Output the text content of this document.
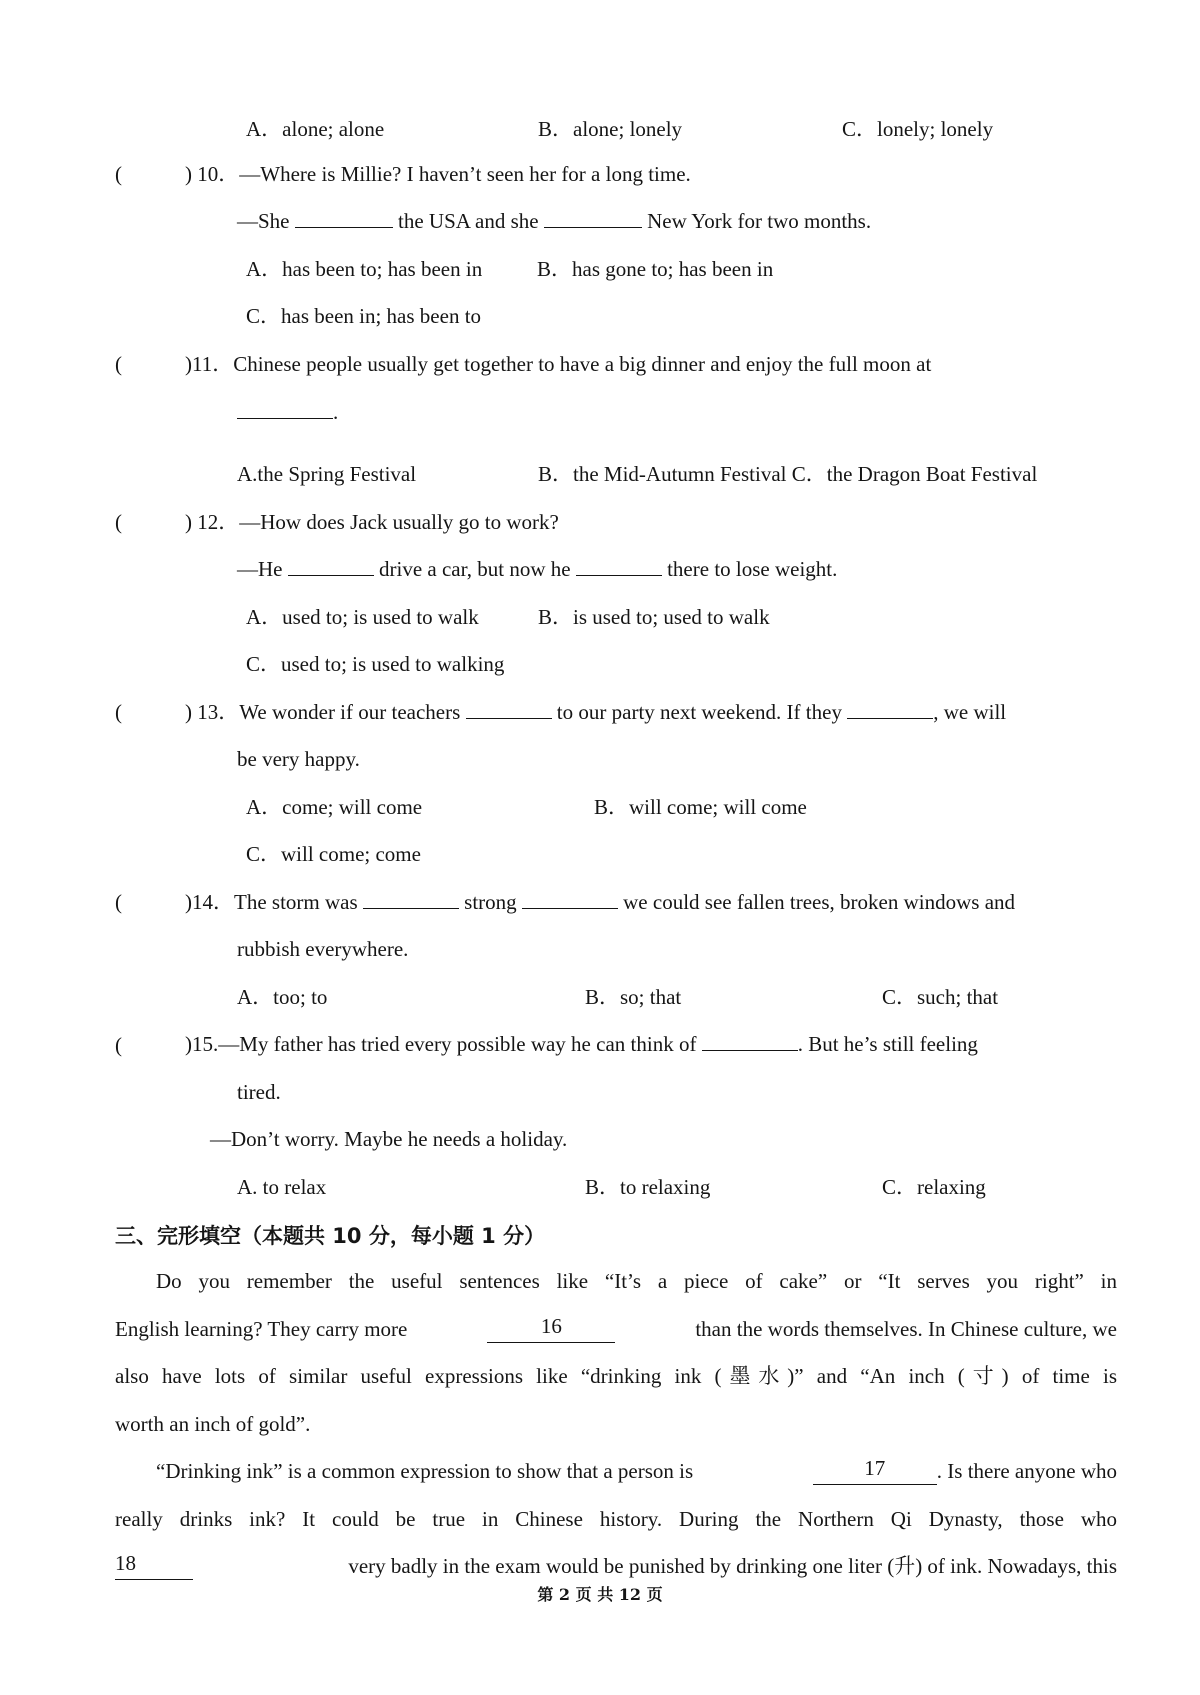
A．alone; alone	B．alone; lonely	C．lonely; lonely
(	) 10．—Where is Millie? I haven’t seen her for a long time.
—She	the USA and she	New York for two months.
A．has been to; has been in	B．has gone to; has been in
C．has been in; has been to
(	)11．Chinese people usually get together to have a big dinner and enjoy the full moon at
.
A.the Spring Festival	B．the Mid-Autumn Festival C．the Dragon Boat Festival
(	) 12．—How does Jack usually go to work?
—He	drive a car, but now he	there to lose weight.
A．used to; is used to walk	B．is used to; used to walk
C．used to; is used to walking
(	) 13．We wonder if our teachers	to our party next weekend. If they	, we will
be very happy.
A．come; will come	B．will come; will come
C．will come; come
(	)14．The storm was	strong	we could see fallen trees, broken windows and
rubbish everywhere.
A．too; to	B．so; that	C．such; that
(	)15.—My father has tried every possible way he can think of	. But he’s still feeling
tired.
—Don’t worry. Maybe he needs a holiday.
A. to relax	B．to relaxing	C．relaxing
三、完形填空（本题共 10 分，每小题 1 分）
Do you remember the useful sentences like “It’s a piece of cake” or “It serves you right” in
English learning? They carry more	16	than the words themselves. In Chinese culture, we
also have lots of similar useful expressions like “drinking ink (墨水)” and “An inch (寸) of time is
worth an inch of gold”.
“Drinking ink” is a common expression to show that a person is	17	. Is there anyone who
really drinks ink? It could be true in Chinese history. During the Northern Qi Dynasty, those who
18	very badly in the exam would be punished by drinking one liter (升) of ink. Nowadays, this
第 2 页 共 12 页
